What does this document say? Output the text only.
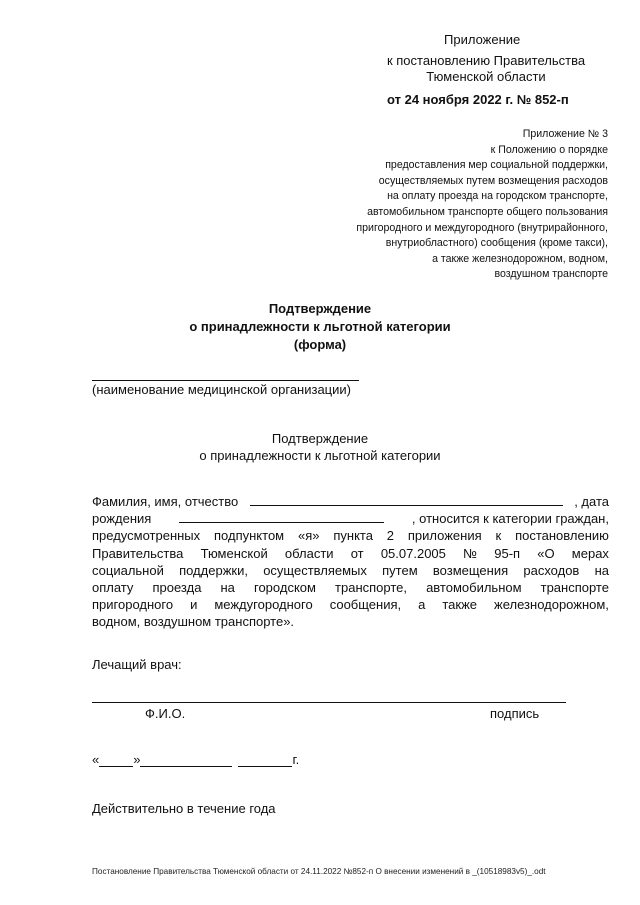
Приложение
к постановлению Правительства
Тюменской области
от 24 ноября 2022 г. № 852-п
Приложение № 3
к Положению о порядке
предоставления мер социальной поддержки,
осуществляемых путем возмещения расходов
на оплату проезда на городском транспорте,
автомобильном транспорте общего пользования
пригородного и междугородного (внутрирайонного,
внутриобластного) сообщения (кроме такси),
а также железнодорожном, водном,
воздушном транспорте
Подтверждение
о принадлежности к льготной категории
(форма)
(наименование медицинской организации)
Подтверждение
о принадлежности к льготной категории
Фамилия, имя, отчество	, дата
рождения	, относится к категории граждан,
предусмотренных подпунктом «я» пункта 2 приложения к постановлению
Правительства Тюменской области от 05.07.2005 № 95-п «О мерах
социальной поддержки, осуществляемых путем возмещения расходов на
оплату проезда на городском транспорте, автомобильном транспорте
пригородного и междугородного сообщения, а также железнодорожном,
водном, воздушном транспорте».
Лечащий врач:
Ф.И.О.	подпись
«	»	г.
Действительно в течение года
Постановление Правительства Тюменской области от 24.11.2022 №852-п О внесении изменений в _(10518983v5)_.odt
